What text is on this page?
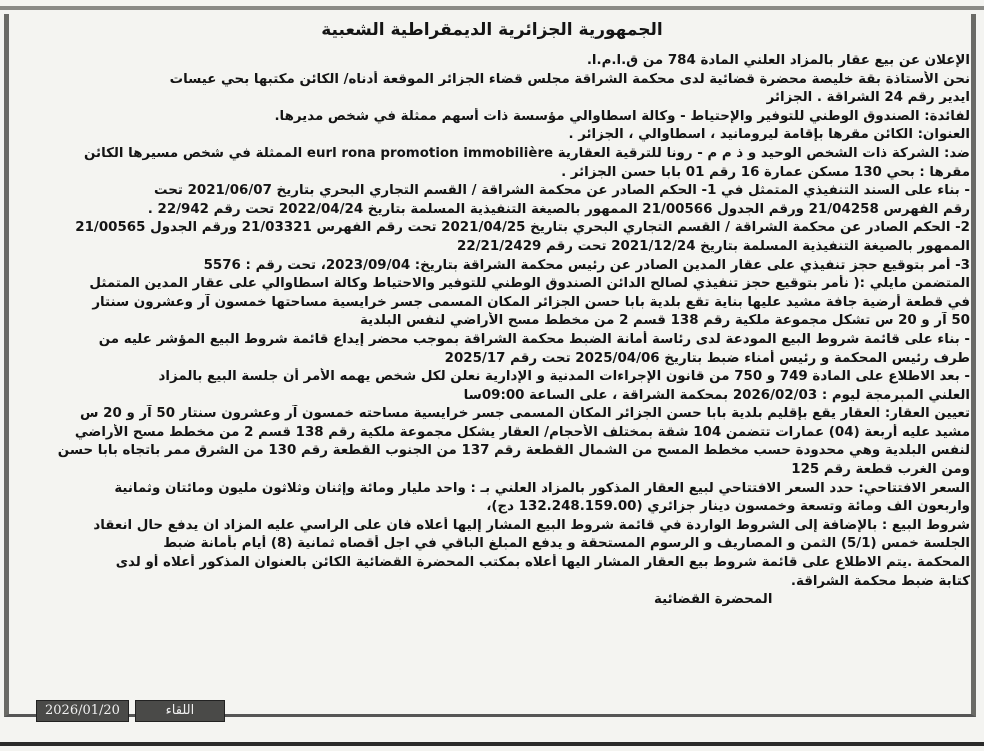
الجمهورية الجزائرية الديمقراطية الشعبية
الإعلان عن بيع عقار بالمزاد العلني المادة 784 من ق.ا.م.ا.
نحن الأستاذة بقة خليصة محضرة قضائية لدى محكمة الشراقة مجلس قضاء الجزائر الموقعة أدناه/ الكائن مكتبها بحي عيسات
ايدير رقم 24 الشراقة . الجزائر
لفائدة: الصندوق الوطني للتوفير والإحتياط - وكالة اسطاوالي مؤسسة ذات أسهم ممثلة في شخص مديرها.
العنوان: الكائن مقرها بإقامة ليرومانيد ، اسطاوالي ، الجزائر .
ضد: الشركة ذات الشخص الوحيد و ذ م م - رونا للترقية العقارية eurl rona promotion immobilière الممثلة في شخص مسيرها الكائن
مقرها : بحي 130 مسكن عمارة 16 رقم 01 بابا حسن الجزائر .
- بناء على السند التنفيذي المتمثل في 1- الحكم الصادر عن محكمة الشراقة / القسم التجاري البحري بتاريخ 2021/06/07 تحت
رقم الفهرس 21/04258 ورقم الجدول 21/00566 الممهور بالصيغة التنفيذية المسلمة بتاريخ 2022/04/24 تحت رقم 22/942 .
2- الحكم الصادر عن محكمة الشراقة / القسم التجاري البحري بتاريخ 2021/04/25 تحت رقم الفهرس 21/03321 ورقم الجدول 21/00565
الممهور بالصيغة التنفيذية المسلمة بتاريخ 2021/12/24 تحت رقم 22/21/2429
3- أمر بتوقيع حجز تنفيذي على عقار المدين الصادر عن رئيس محكمة الشراقة بتاريخ: 2023/09/04، تحت رقم : 5576
المتضمن مايلي :( نأمر بتوقيع حجز تنفيذي لصالح الدائن الصندوق الوطني للتوفير والاحتياط وكالة اسطاوالي على عقار المدين المتمثل
في قطعة أرضية جافة مشيد عليها بناية تقع بلدية بابا حسن الجزائر المكان المسمى جسر خرايسية مساحتها خمسون آر وعشرون سنتار
50 آر و 20 س تشكل مجموعة ملكية رقم 138 قسم 2 من مخطط مسح الأراضي لنفس البلدية
- بناء على قائمة شروط البيع المودعة لدى رئاسة أمانة الضبط محكمة الشراقة بموجب محضر إيداع قائمة شروط البيع المؤشر عليه من
طرف رئيس المحكمة و رئيس أمناء ضبط بتاريخ 2025/04/06 تحت رقم 2025/17
- بعد الاطلاع على المادة 749 و 750 من قانون الإجراءات المدنية و الإدارية نعلن لكل شخص يهمه الأمر أن جلسة البيع بالمزاد
العلني المبرمجة ليوم : 2026/02/03 بمحكمة الشراقة ، على الساعة 09:00سا
تعيين العقار: العقار يقع بإقليم بلدية بابا حسن الجزائر المكان المسمى جسر خرايسية مساحته خمسون آر وعشرون سنتار 50 آر و 20 س
مشيد عليه أربعة (04) عمارات تتضمن 104 شقة بمختلف الأحجام/ العقار يشكل مجموعة ملكية رقم 138 قسم 2 من مخطط مسح الأراضي
لنفس البلدية وهي محدودة حسب مخطط المسح من الشمال القطعة رقم 137 من الجنوب القطعة رقم 130 من الشرق ممر باتجاه بابا حسن
ومن الغرب قطعة رقم 125
السعر الافتتاحي: حدد السعر الافتتاحي لبيع العقار المذكور بالمزاد العلني بـ : واحد مليار ومائة وإثنان وثلاثون مليون ومائتان وثمانية
واربعون الف ومائة وتسعة وخمسون دينار جزائري (132.248.159.00 دج)،
شروط البيع : بالإضافة إلى الشروط الواردة في قائمة شروط البيع المشار إليها أعلاه فان على الراسي عليه المزاد ان يدفع حال انعقاد
الجلسة خمس (5/1) الثمن و المصاريف و الرسوم المستحقة و يدفع المبلغ الباقي في اجل أقصاه ثمانية (8) أيام بأمانة ضبط
المحكمة .يتم الاطلاع على قائمة شروط بيع العقار المشار اليها أعلاه بمكتب المحضرة القضائية الكائن بالعنوان المذكور أعلاه أو لدى
كتابة ضبط محكمة الشراقة.
المحضرة القضائية
2026/01/20	اللقاء
